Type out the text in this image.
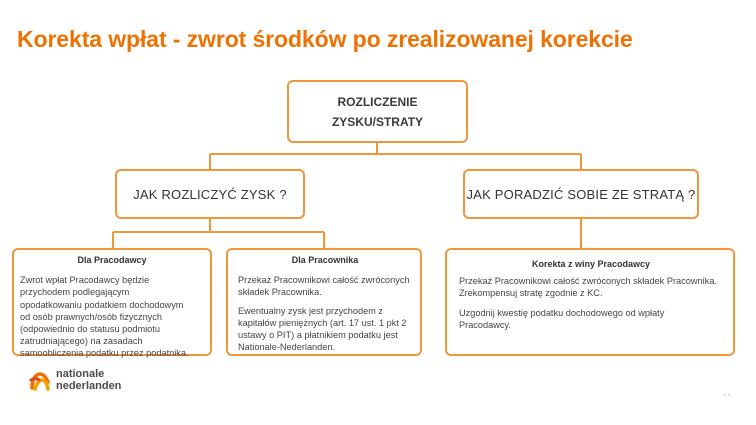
Korekta wpłat - zwrot środków po zrealizowanej korekcie
ROZLICZENIE
ZYSKU/STRATY
JAK ROZLICZYĆ ZYSK ?	JAK PORADZIĆ SOBIE ZE STRATĄ ?
Dla Pracodawcy
Zwrot wpłat Pracodawcy będzie
przychodem podlegającym
opodatkowaniu podatkiem dochodowym
od osób prawnych/osób fizycznych
(odpowiednio do statusu podmiotu
zatrudniającego) na zasadach
samoobliczenia podatku przez podatnika.
Dla Pracownika
Przekaż Pracownikowi całość zwróconych
składek Pracownika.
Ewentualny zysk jest przychodem z
kapitałów pieniężnych (art. 17 ust. 1 pkt 2
ustawy o PIT) a płatnikiem podatku jest
Nationale-Nederlanden.
Korekta z winy Pracodawcy
Przekaż Pracownikowi całość zwróconych składek Pracownika.
Zrekompensuj stratę zgodnie z KC.
Uzgodnij kwestię podatku dochodowego od wpłaty
Pracodawcy.
nationale
nederlanden
• •
